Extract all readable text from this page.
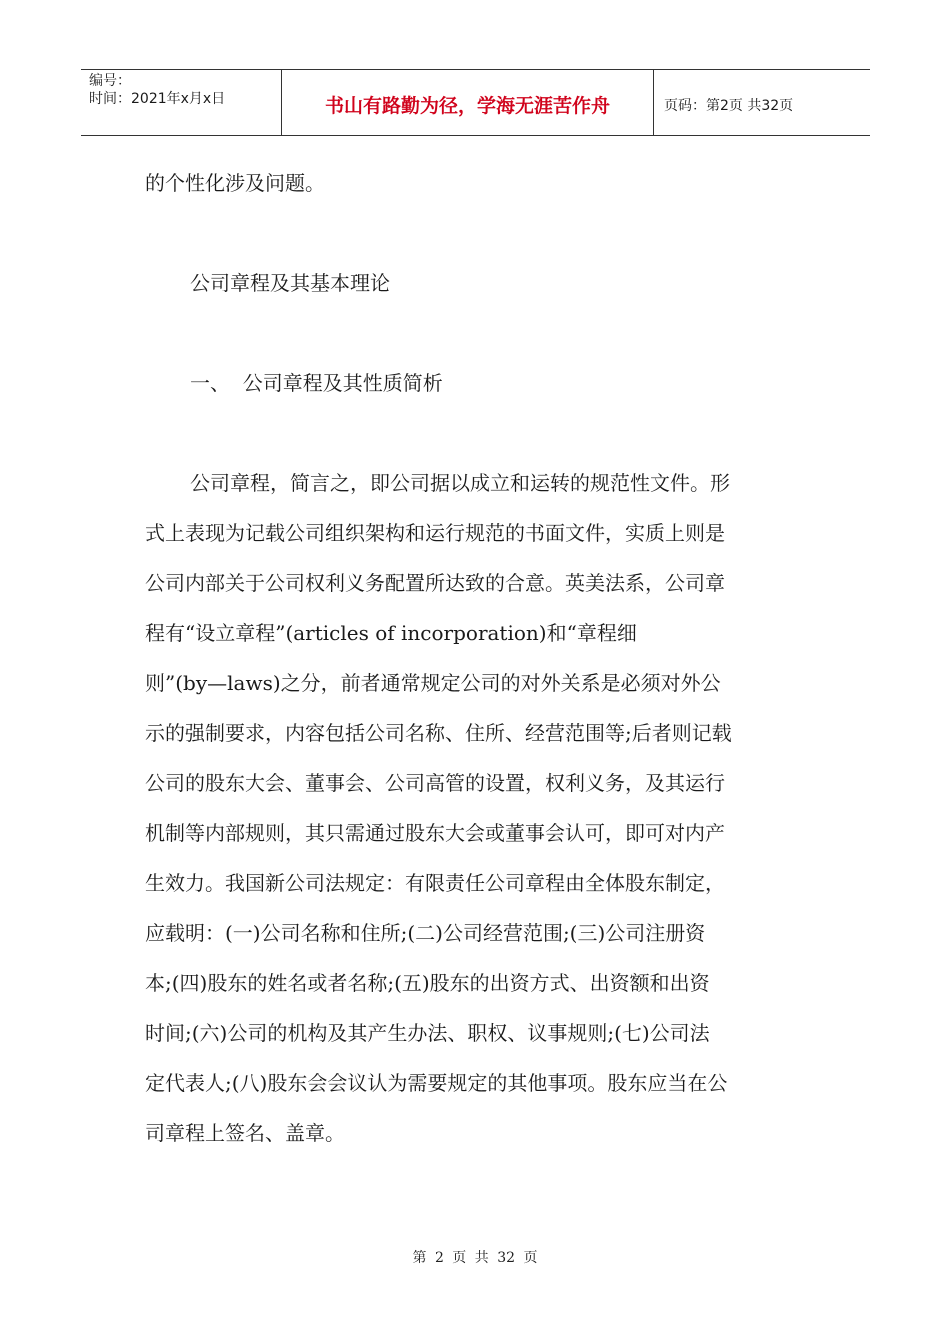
编号：
时间：2021年x月x日	书山有路勤为径，学海无涯苦作舟	页码：第2页 共32页

的个性化涉及问题。

公司章程及其基本理论

一、  公司章程及其性质简析

公司章程，简言之，即公司据以成立和运转的规范性文件。形
式上表现为记载公司组织架构和运行规范的书面文件，实质上则是
公司内部关于公司权利义务配置所达致的合意。英美法系，公司章
程有“设立章程”(articles of incorporation)和“章程细
则”(by—laws)之分，前者通常规定公司的对外关系是必须对外公
示的强制要求，内容包括公司名称、住所、经营范围等;后者则记载
公司的股东大会、董事会、公司高管的设置，权利义务，及其运行
机制等内部规则，其只需通过股东大会或董事会认可，即可对内产
生效力。我国新公司法规定：有限责任公司章程由全体股东制定，
应载明：(一)公司名称和住所;(二)公司经营范围;(三)公司注册资
本;(四)股东的姓名或者名称;(五)股东的出资方式、出资额和出资
时间;(六)公司的机构及其产生办法、职权、议事规则;(七)公司法
定代表人;(八)股东会会议认为需要规定的其他事项。股东应当在公
司章程上签名、盖章。
第 2 页 共 32 页
